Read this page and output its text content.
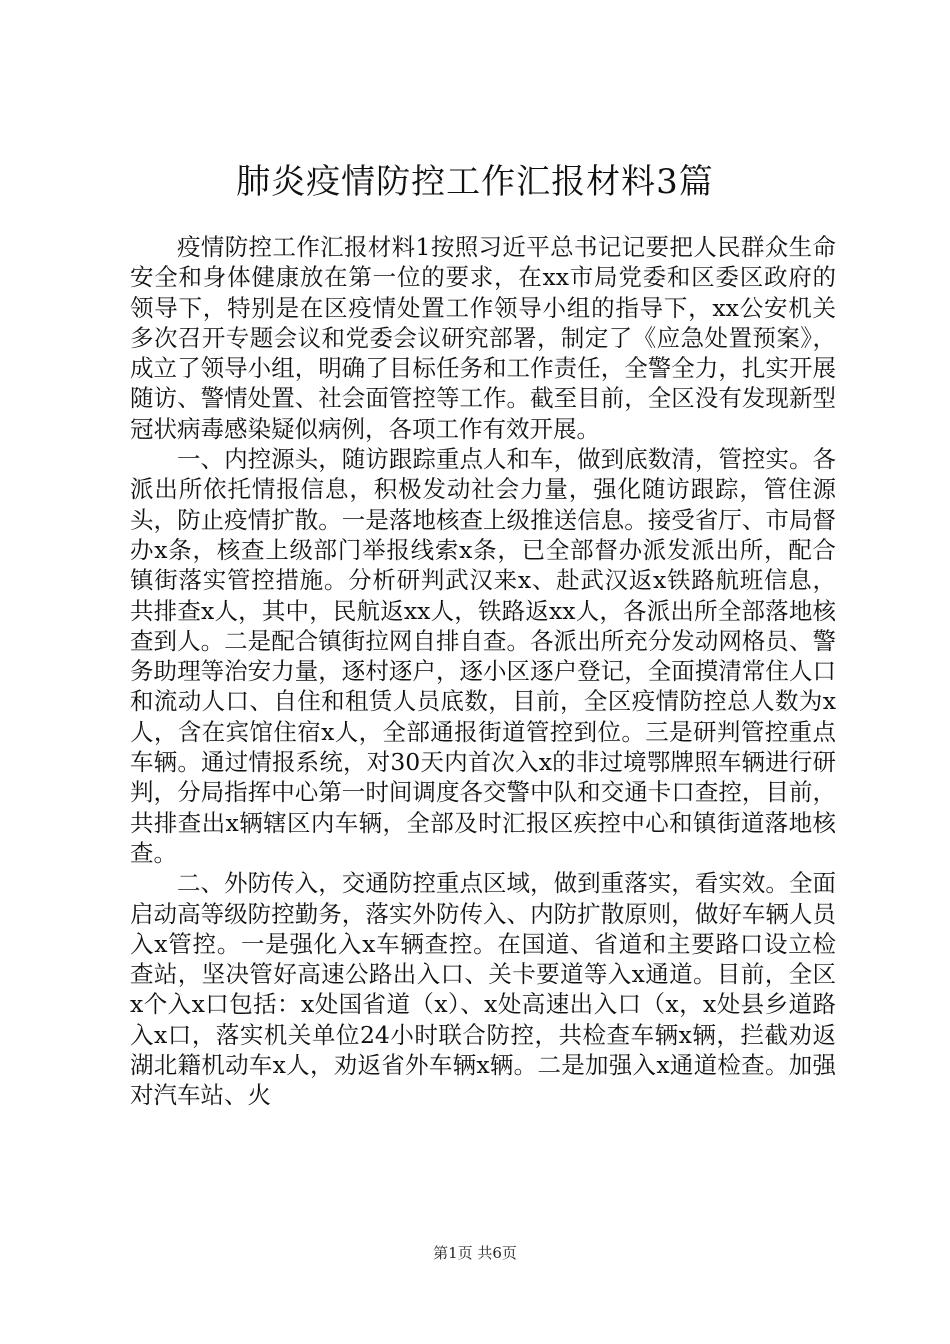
肺炎疫情防控工作汇报材料3篇

疫情防控工作汇报材料1按照习近平总书记记要把人民群众生命安全和身体健康放在第一位的要求，在xx市局党委和区委区政府的领导下，特别是在区疫情处置工作领导小组的指导下，xx公安机关多次召开专题会议和党委会议研究部署，制定了《应急处置预案》，成立了领导小组，明确了目标任务和工作责任，全警全力，扎实开展随访、警情处置、社会面管控等工作。截至目前，全区没有发现新型冠状病毒感染疑似病例，各项工作有效开展。

一、内控源头，随访跟踪重点人和车，做到底数清，管控实。各派出所依托情报信息，积极发动社会力量，强化随访跟踪，管住源头，防止疫情扩散。一是落地核查上级推送信息。接受省厅、市局督办x条，核查上级部门举报线索x条，已全部督办派发派出所，配合镇街落实管控措施。分析研判武汉来x、赴武汉返x铁路航班信息，共排查x人，其中，民航返xx人，铁路返xx人，各派出所全部落地核查到人。二是配合镇街拉网自排自查。各派出所充分发动网格员、警务助理等治安力量，逐村逐户，逐小区逐户登记，全面摸清常住人口和流动人口、自住和租赁人员底数，目前，全区疫情防控总人数为x人，含在宾馆住宿x人，全部通报街道管控到位。三是研判管控重点车辆。通过情报系统，对30天内首次入x的非过境鄂牌照车辆进行研判，分局指挥中心第一时间调度各交警中队和交通卡口查控，目前，共排查出x辆辖区内车辆，全部及时汇报区疾控中心和镇街道落地核查。

二、外防传入，交通防控重点区域，做到重落实，看实效。全面启动高等级防控勤务，落实外防传入、内防扩散原则，做好车辆人员入x管控。一是强化入x车辆查控。在国道、省道和主要路口设立检查站，坚决管好高速公路出入口、关卡要道等入x通道。目前，全区x个入x口包括：x处国省道（x）、x处高速出入口（x，x处县乡道路入x口，落实机关单位24小时联合防控，共检查车辆x辆，拦截劝返湖北籍机动车x人，劝返省外车辆x辆。二是加强入x通道检查。加强对汽车站、火

第1页 共6页
